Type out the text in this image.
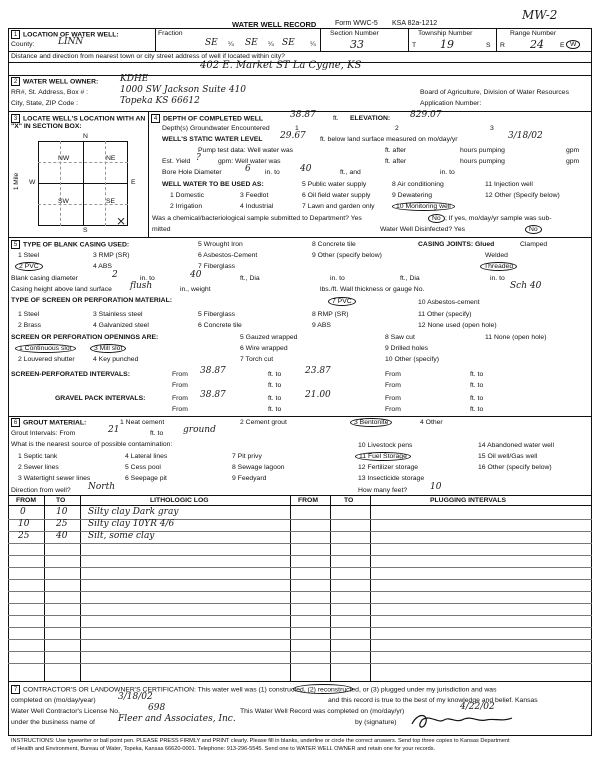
MW-2
WATER WELL RECORD	Form WWC-5 KSA 82a-1212
1 LOCATION OF WATER WELL:
County:	LINN
Fraction
SE ¼ SE ¼ SE ¼
Section Number
33
Township Number
T 19	S
Range Number
R 24 E W
Distance and direction from nearest town or city street address of well if located within city?
402 E. Market ST La Cygne, KS
2 WATER WELL OWNER: KDHE
RR#, St. Address, Box # :	1000 SW Jackson Suite 410
City, State, ZIP Code :	Topeka KS 66612
Board of Agriculture, Division of Water Resources
Application Number:
3 LOCATE WELL'S LOCATION WITH AN "X" IN SECTION BOX:
N
S
E
W
NW	NE
SW	SE
×
1 Mile
4 DEPTH OF COMPLETED WELL	38.87	ft. ELEVATION: 829.07
Depth(s) Groundwater Encountered	1	2	3
WELL'S STATIC WATER LEVEL 29.67 ft. below land surface measured on mo/day/yr	3/18/02
Pump test data: Well water was	ft. after	hours pumping	gpm
Est. Yield ?	gpm: Well water was	ft. after	hours pumping	gpm
Bore Hole Diameter	6 in. to 40	ft., and	in. to
WELL WATER TO BE USED AS:
1 Domestic
2 Irrigation
3 Feedlot
4 Industrial
5 Public water supply
6 Oil field water supply
7 Lawn and garden only
8 Air conditioning
9 Dewatering
10 Monitoring well
11 Injection well
12 Other (Specify below)
Was a chemical/bacteriological sample submitted to Department? Yes	No ; If yes, mo/day/yr sample was sub-
mitted	Water Well Disinfected? Yes	No
5 TYPE OF BLANK CASING USED:
1 Steel
2 PVC
3 RMP (SR)
4 ABS
5 Wrought Iron
6 Asbestos-Cement
7 Fiberglass
8 Concrete tile
9 Other (specify below)
CASING JOINTS: Glued	Clamped
Welded
Threaded
Blank casing diameter	2	in. to	40	ft., Dia	in. to	ft., Dia	in. to
Casing height above land surface flush	in., weight	lbs./ft. Wall thickness or gauge No.	Sch 40
TYPE OF SCREEN OR PERFORATION MATERIAL:
1 Steel
2 Brass
3 Stainless steel
4 Galvanized steel
5 Fiberglass
6 Concrete tile
7 PVC
8 RMP (SR)
9 ABS
10 Asbestos-cement
11 Other (specify)
12 None used (open hole)
SCREEN OR PERFORATION OPENINGS ARE:
1 Continuous slot
2 Louvered shutter
3 Mill slot
4 Key punched
5 Gauzed wrapped
6 Wire wrapped
7 Torch cut
8 Saw cut
9 Drilled holes
10 Other (specify)
11 None (open hole)
SCREEN-PERFORATED INTERVALS:	From 38.87	ft. to	23.87	From	ft. to
From	ft. to	From	ft. to
GRAVEL PACK INTERVALS:	From 38.87	ft. to	21.00	From	ft. to
From	ft. to	From	ft. to
6 GROUT MATERIAL:	1 Neat cement	2 Cement grout	3 Bentonite	4 Other
Grout Intervals: From	21	ft. to ground
What is the nearest source of possible contamination:
1 Septic tank
2 Sewer lines
3 Watertight sewer lines
4 Lateral lines
5 Cess pool
6 Seepage pit
7 Pit privy
8 Sewage lagoon
9 Feedyard
10 Livestock pens
11 Fuel Storage
12 Fertilizer storage
13 Insecticide storage
14 Abandoned water well
15 Oil well/Gas well
16 Other (specify below)
Direction from well? North	How many feet?	10
FROM	TO	LITHOLOGIC LOG	FROM	TO	PLUGGING INTERVALS
0	10 Silty clay Dark gray
10	25 Silty clay 10YR 4/6
25	40 Silt, some clay
7 CONTRACTOR'S OR LANDOWNER'S CERTIFICATION: This water well was (1) constructed, (2) reconstructed, or (3) plugged under my jurisdiction and was
completed on (mo/day/year) 3/18/02	and this record is true to the best of my knowledge and belief. Kansas
Water Well Contractor's License No.	698	This Water Well Record was completed on (mo/day/yr)	4/22/02
under the business name of	Fleer and Associates, Inc.	by (signature)
INSTRUCTIONS: Use typewriter or ball point pen. PLEASE PRESS FIRMLY and PRINT clearly. Please fill in blanks, underline or circle the correct answers. Send top three copies to Kansas Department
of Health and Environment, Bureau of Water, Topeka, Kansas 66620-0001. Telephone: 913-296-5545. Send one to WATER WELL OWNER and retain one for your records.
